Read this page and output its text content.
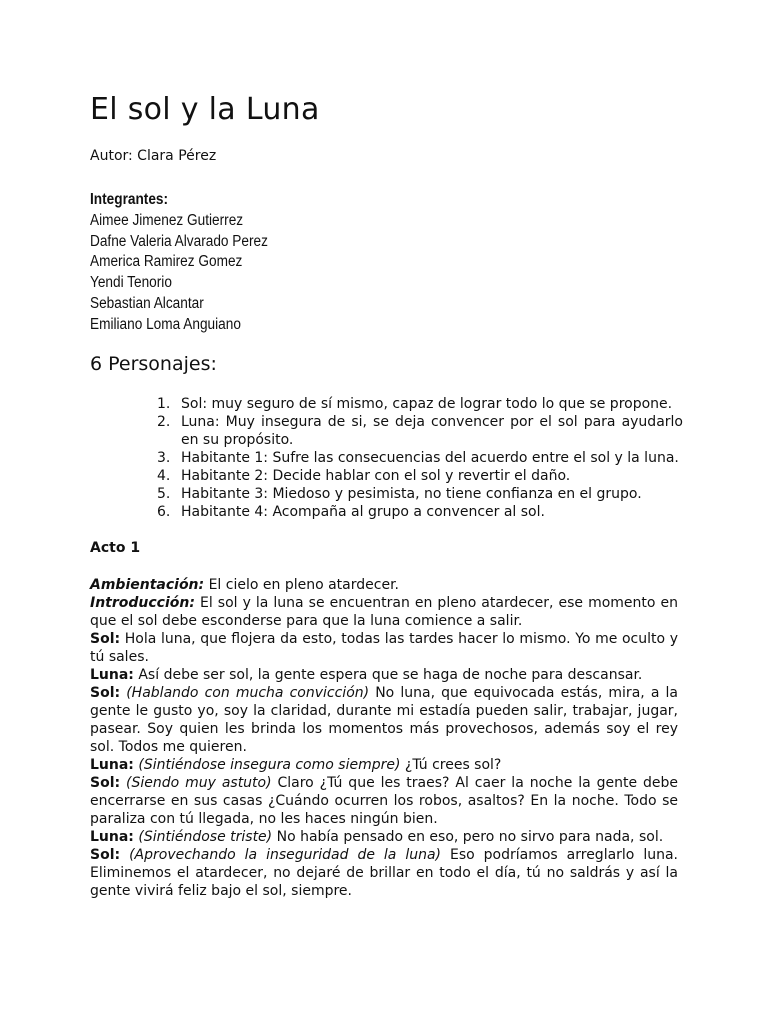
El sol y la Luna
Autor: Clara Pérez
Integrantes:
Aimee Jimenez Gutierrez
Dafne Valeria Alvarado Perez
America Ramirez Gomez
Yendi Tenorio
Sebastian Alcantar
Emiliano Loma Anguiano
6 Personajes:
1. Sol: muy seguro de sí mismo, capaz de lograr todo lo que se propone.
2. Luna: Muy insegura de si, se deja convencer por el sol para ayudarlo en su propósito.
3. Habitante 1: Sufre las consecuencias del acuerdo entre el sol y la luna.
4. Habitante 2: Decide hablar con el sol y revertir el daño.
5. Habitante 3: Miedoso y pesimista, no tiene confianza en el grupo.
6. Habitante 4: Acompaña al grupo a convencer al sol.
Acto 1

Ambientación: El cielo en pleno atardecer.

Introducción: El sol y la luna se encuentran en pleno atardecer, ese momento en que el sol debe esconderse para que la luna comience a salir.

Sol: Hola luna, que flojera da esto, todas las tardes hacer lo mismo. Yo me oculto y tú sales.

Luna: Así debe ser sol, la gente espera que se haga de noche para descansar.

Sol: (Hablando con mucha convicción) No luna, que equivocada estás, mira, a la gente le gusto yo, soy la claridad, durante mi estadía pueden salir, trabajar, jugar, pasear. Soy quien les brinda los momentos más provechosos, además soy el rey sol. Todos me quieren.

Luna: (Sintiéndose insegura como siempre) ¿Tú crees sol?

Sol: (Siendo muy astuto) Claro ¿Tú que les traes? Al caer la noche la gente debe encerrarse en sus casas ¿Cuándo ocurren los robos, asaltos? En la noche. Todo se paraliza con tú llegada, no les haces ningún bien.

Luna: (Sintiéndose triste) No había pensado en eso, pero no sirvo para nada, sol.

Sol: (Aprovechando la inseguridad de la luna) Eso podríamos arreglarlo luna. Eliminemos el atardecer, no dejaré de brillar en todo el día, tú no saldrás y así la gente vivirá feliz bajo el sol, siempre.
